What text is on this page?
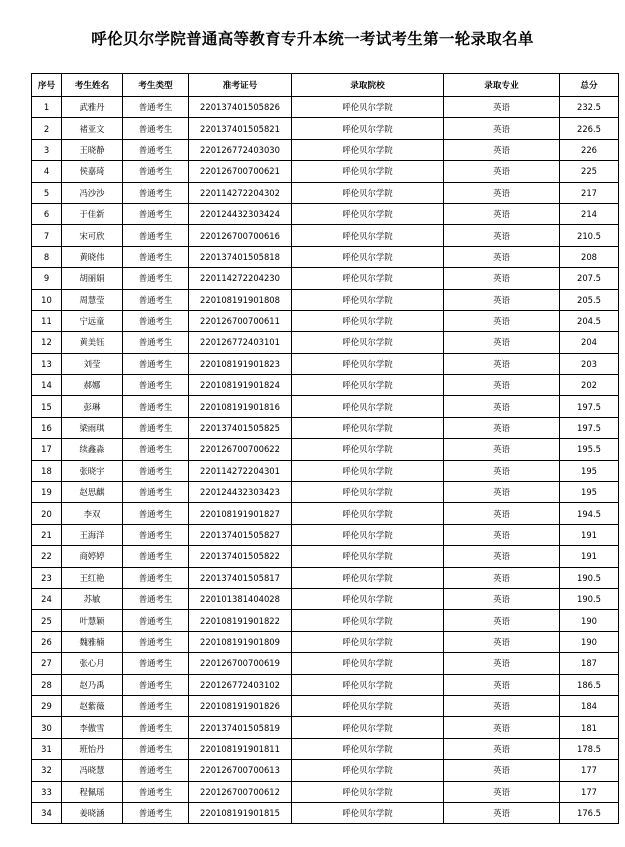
呼伦贝尔学院普通高等教育专升本统一考试考生第一轮录取名单
序号	考生姓名	考生类型	准考证号	录取院校	录取专业	总分
1	武雅丹	普通考生	220137401505826	呼伦贝尔学院	英语	232.5
2	褚亚文	普通考生	220137401505821	呼伦贝尔学院	英语	226.5
3	王晓静	普通考生	220126772403030	呼伦贝尔学院	英语	226
4	侯嘉琦	普通考生	220126700700621	呼伦贝尔学院	英语	225
5	冯沙沙	普通考生	220114272204302	呼伦贝尔学院	英语	217
6	于佳新	普通考生	220124432303424	呼伦贝尔学院	英语	214
7	宋可欣	普通考生	220126700700616	呼伦贝尔学院	英语	210.5
8	黄晓伟	普通考生	220137401505818	呼伦贝尔学院	英语	208
9	胡丽娟	普通考生	220114272204230	呼伦贝尔学院	英语	207.5
10	周慧莹	普通考生	220108191901808	呼伦贝尔学院	英语	205.5
11	宁远童	普通考生	220126700700611	呼伦贝尔学院	英语	204.5
12	黄美钰	普通考生	220126772403101	呼伦贝尔学院	英语	204
13	刘莹	普通考生	220108191901823	呼伦贝尔学院	英语	203
14	郝娜	普通考生	220108191901824	呼伦贝尔学院	英语	202
15	彭琳	普通考生	220108191901816	呼伦贝尔学院	英语	197.5
16	梁雨琪	普通考生	220137401505825	呼伦贝尔学院	英语	197.5
17	续鑫淼	普通考生	220126700700622	呼伦贝尔学院	英语	195.5
18	张晓宇	普通考生	220114272204301	呼伦贝尔学院	英语	195
19	赵思麒	普通考生	220124432303423	呼伦贝尔学院	英语	195
20	李双	普通考生	220108191901827	呼伦贝尔学院	英语	194.5
21	王海洋	普通考生	220137401505827	呼伦贝尔学院	英语	191
22	商婷婷	普通考生	220137401505822	呼伦贝尔学院	英语	191
23	王红艳	普通考生	220137401505817	呼伦贝尔学院	英语	190.5
24	苏敏	普通考生	220101381404028	呼伦贝尔学院	英语	190.5
25	叶慧颖	普通考生	220108191901822	呼伦贝尔学院	英语	190
26	魏雅楠	普通考生	220108191901809	呼伦贝尔学院	英语	190
27	张心月	普通考生	220126700700619	呼伦贝尔学院	英语	187
28	赵乃禹	普通考生	220126772403102	呼伦贝尔学院	英语	186.5
29	赵紫薇	普通考生	220108191901826	呼伦贝尔学院	英语	184
30	李傲雪	普通考生	220137401505819	呼伦贝尔学院	英语	181
31	班怡丹	普通考生	220108191901811	呼伦贝尔学院	英语	178.5
32	冯晓慧	普通考生	220126700700613	呼伦贝尔学院	英语	177
33	程佩瑶	普通考生	220126700700612	呼伦贝尔学院	英语	177
34	姜晓涵	普通考生	220108191901815	呼伦贝尔学院	英语	176.5
